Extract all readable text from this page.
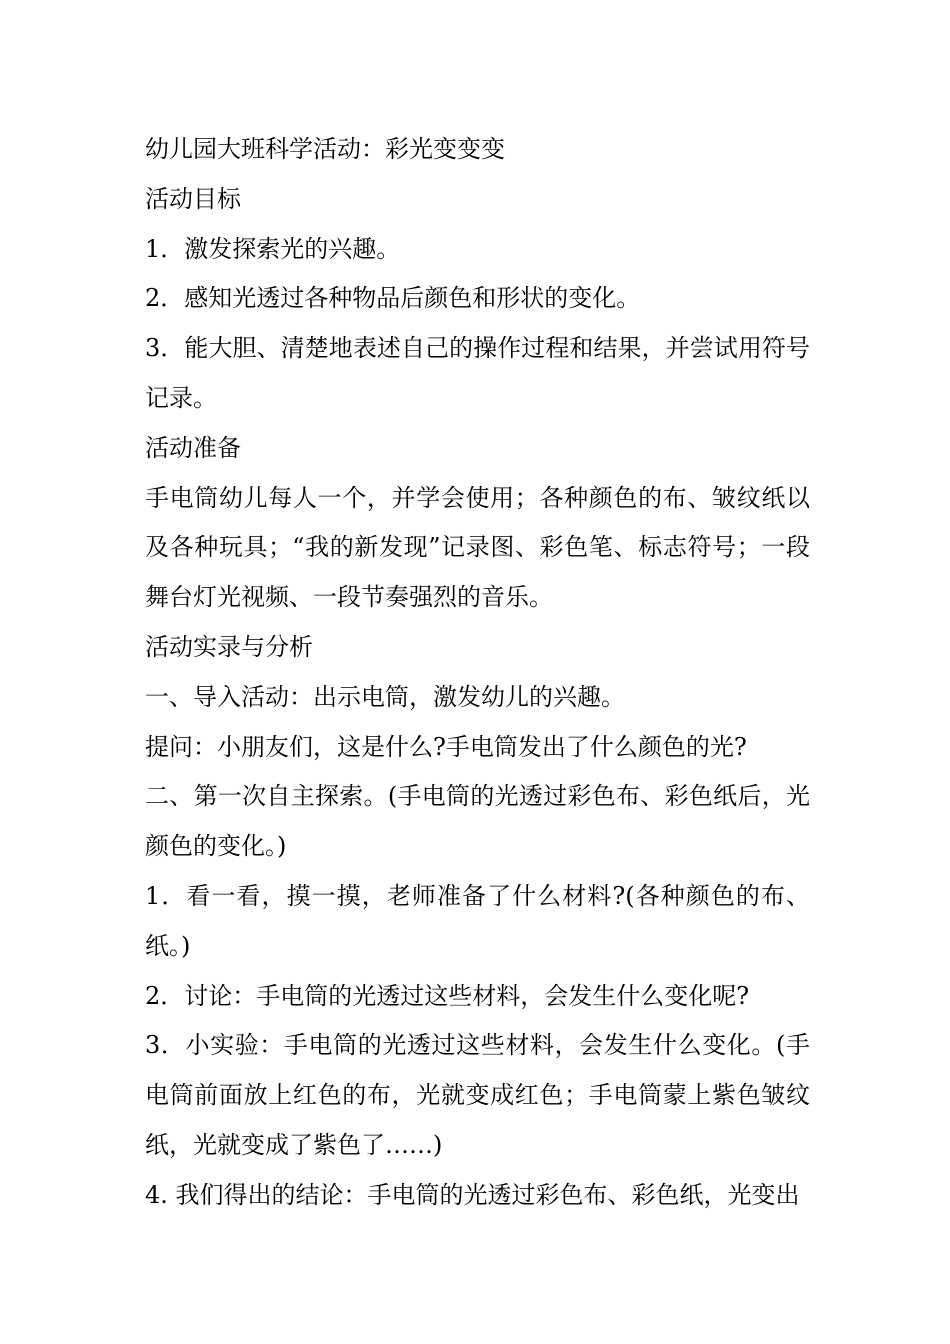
幼儿园大班科学活动：彩光变变变

活动目标

1．激发探索光的兴趣。

2．感知光透过各种物品后颜色和形状的变化。

3．能大胆、清楚地表述自己的操作过程和结果，并尝试用符号记录。

活动准备

手电筒幼儿每人一个，并学会使用；各种颜色的布、皱纹纸以及各种玩具；“我的新发现”记录图、彩色笔、标志符号；一段舞台灯光视频、一段节奏强烈的音乐。

活动实录与分析

一、导入活动：出示电筒，激发幼儿的兴趣。

提问：小朋友们，这是什么?手电筒发出了什么颜色的光?

二、第一次自主探索。(手电筒的光透过彩色布、彩色纸后，光颜色的变化。)

1．看一看，摸一摸，老师准备了什么材料?(各种颜色的布、纸。)

2．讨论：手电筒的光透过这些材料，会发生什么变化呢?

3．小实验：手电筒的光透过这些材料，会发生什么变化。(手电筒前面放上红色的布，光就变成红色；手电筒蒙上紫色皱纹纸，光就变成了紫色了……)

4. 我们得出的结论：手电筒的光透过彩色布、彩色纸，光变出
